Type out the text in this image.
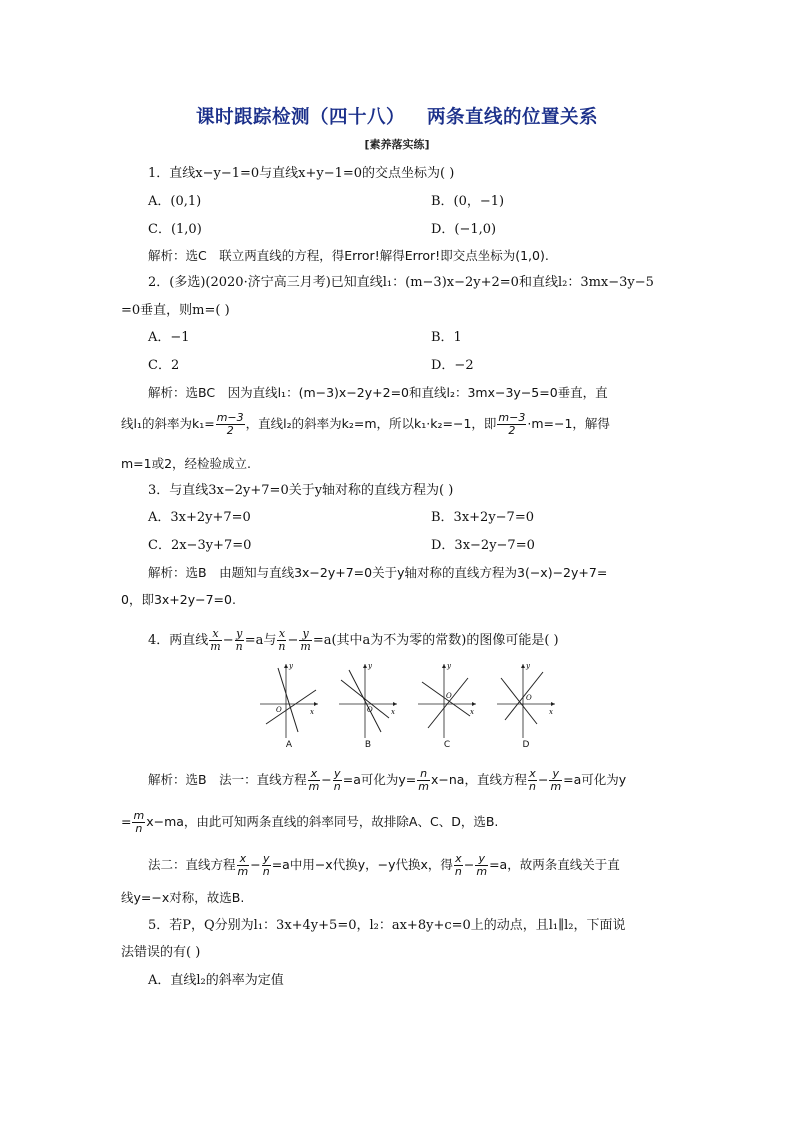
课时跟踪检测（四十八） 两条直线的位置关系
[素养落实练]
1．直线x−y−1=0与直线x+y−1=0的交点坐标为( )
A．(0,1)	B．(0，−1)
C．(1,0)	D．(−1,0)
解析：选C　联立两直线的方程，得Error!解得Error!即交点坐标为(1,0).
2．(多选)(2020·济宁高三月考)已知直线l₁：(m−3)x−2y+2=0和直线l₂：3mx−3y−5
=0垂直，则m=( )
A．−1	B．1
C．2	D．−2
解析：选BC　因为直线l₁：(m−3)x−2y+2=0和直线l₂：3mx−3y−5=0垂直，直
线l₁的斜率为$k_1= \frac{m-3}{2}$ ，直线l₂的斜率为k₂=m，所以k₁·k₂=−1，即 $\frac{m-3}{2} \cdot m=-1$，解得
m=1或2，经检验成立.
3．与直线3x−2y+7=0关于y轴对称的直线方程为( )
A．3x+2y+7=0	B．3x+2y−7=0
C．2x−3y+7=0	D．3x−2y−7=0
解析：选B　由题知与直线3x−2y+7=0关于y轴对称的直线方程为3(−x)−2y+7=
0，即3x+2y−7=0.
4．两直线 $\frac{x}{m} - \frac{y}{n} =a$与 $\frac{x}{n} - \frac{y}{m} =a$(其中a为不为零的常数)的图像可能是( )
x
y
O
A
x
y
O
B
x
y
O
C
x
y
O
D
解析：选B　法一：直线方程 $\frac{x}{m} - \frac{y}{n} =a$可化为$y= \frac{n}{m} x-na$，直线方程 $\frac{x}{n} - \frac{y}{m} =a$可化为y
= $\frac{m}{n} x-ma$，由此可知两条直线的斜率同号，故排除A、C、D，选B.
法二：直线方程 $\frac{x}{m} - \frac{y}{n} =a$中用−x代换y，−y代换x，得 $\frac{x}{n} - \frac{y}{m} =a$，故两条直线关于直
线y=−x对称，故选B.
5．若P，Q分别为l₁：3x+4y+5=0，l₂：ax+8y+c=0上的动点，且l₁∥l₂，下面说
法错误的有( )
A．直线l₂的斜率为定值
